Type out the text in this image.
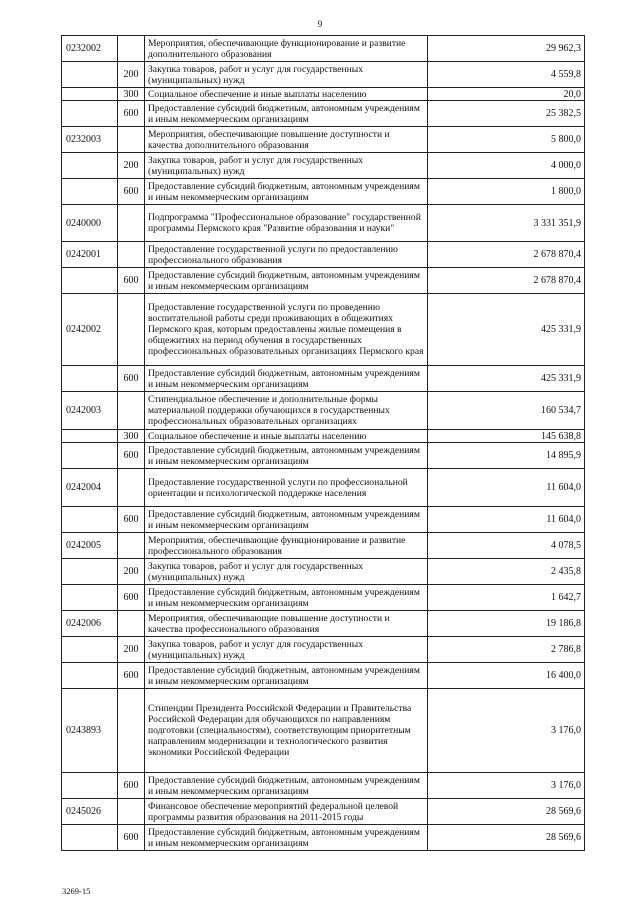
9
0232002		Мероприятия, обеспечивающие функционирование и развитие дополнительного образования	29 962,3
	200	Закупка товаров, работ и услуг для государственных (муниципальных) нужд	4 559,8
	300	Социальное обеспечение и иные выплаты населению	20,0
	600	Предоставление субсидий бюджетным, автономным учреждениям и иным некоммерческим организациям	25 382,5
0232003		Мероприятия, обеспечивающие повышение доступности и качества дополнительного образования	5 800,0
	200	Закупка товаров, работ и услуг для государственных (муниципальных) нужд	4 000,0
	600	Предоставление субсидий бюджетным, автономным учреждениям и иным некоммерческим организациям	1 800,0
0240000		Подпрограмма "Профессиональное образование" государственной программы Пермского края "Развитие образования и науки"	3 331 351,9
0242001		Предоставление государственной услуги по предоставлению профессионального образования	2 678 870,4
	600	Предоставление субсидий бюджетным, автономным учреждениям и иным некоммерческим организациям	2 678 870,4
0242002		Предоставление государственной услуги по проведению воспитательной работы среди проживающих в общежитиях Пермского края, которым предоставлены жилые помещения в общежитиях на период обучения в государственных профессиональных образовательных организациях Пермского края	425 331,9
	600	Предоставление субсидий бюджетным, автономным учреждениям и иным некоммерческим организациям	425 331,9
0242003		Стипендиальное обеспечение и дополнительные формы материальной поддержки обучающихся в государственных профессиональных образовательных организациях	160 534,7
	300	Социальное обеспечение и иные выплаты населению	145 638,8
	600	Предоставление субсидий бюджетным, автономным учреждениям и иным некоммерческим организациям	14 895,9
0242004		Предоставление государственной услуги по профессиональной ориентации и психологической поддержке населения	11 604,0
	600	Предоставление субсидий бюджетным, автономным учреждениям и иным некоммерческим организациям	11 604,0
0242005		Мероприятия, обеспечивающие функционирование и развитие профессионального образования	4 078,5
	200	Закупка товаров, работ и услуг для государственных (муниципальных) нужд	2 435,8
	600	Предоставление субсидий бюджетным, автономным учреждениям и иным некоммерческим организациям	1 642,7
0242006		Мероприятия, обеспечивающие повышение доступности и качества профессионального образования	19 186,8
	200	Закупка товаров, работ и услуг для государственных (муниципальных) нужд	2 786,8
	600	Предоставление субсидий бюджетным, автономным учреждениям и иным некоммерческим организациям	16 400,0
0243893		Стипендии Президента Российской Федерации и Правительства Российской Федерации для обучающихся по направлениям подготовки (специальностям), соответствующим приоритетным направлениям модернизации и технологического развития экономики Российской Федерации	3 176,0
	600	Предоставление субсидий бюджетным, автономным учреждениям и иным некоммерческим организациям	3 176,0
0245026		Финансовое обеспечение мероприятий федеральной целевой программы развития образования на 2011-2015 годы	28 569,6
	600	Предоставление субсидий бюджетным, автономным учреждениям и иным некоммерческим организациям	28 569,6
3269-15
